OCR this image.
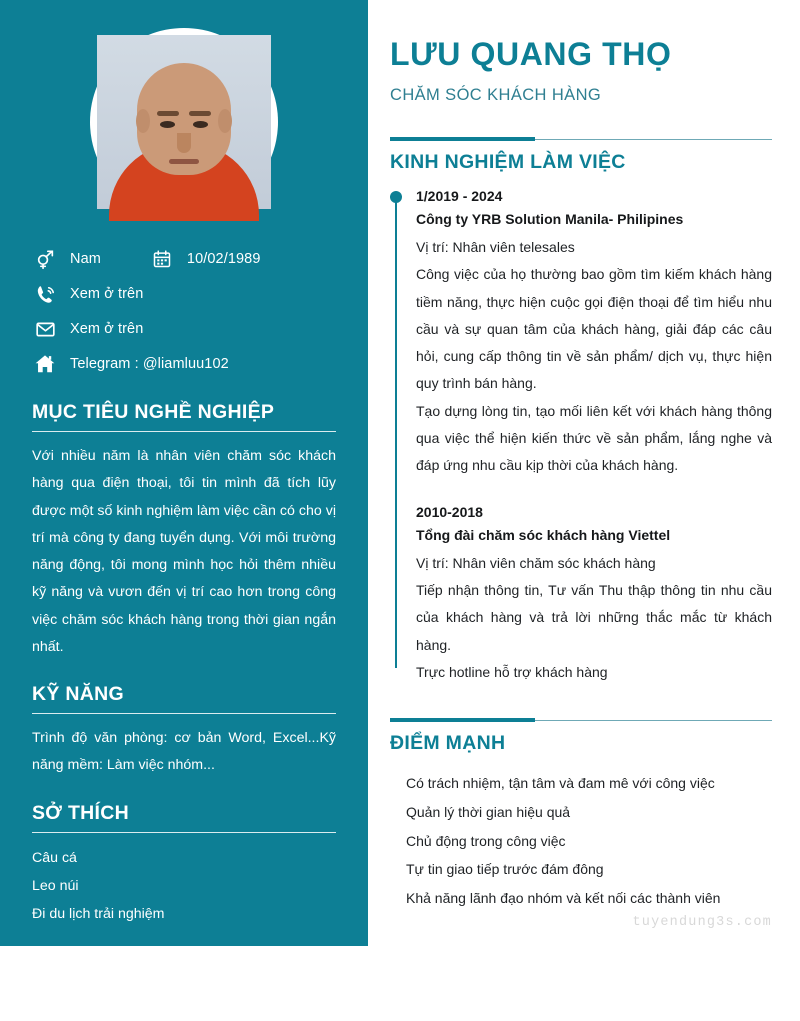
Nam	10/02/1989
Xem ở trên
Xem ở trên
Telegram : @liamluu102
MỤC TIÊU NGHỀ NGHIỆP
Với nhiều năm là nhân viên chăm sóc khách hàng qua điện thoại, tôi tin mình đã tích lũy được một số kinh nghiệm làm việc cần có cho vị trí mà công ty đang tuyển dụng. Với môi trường năng động, tôi mong mình học hỏi thêm nhiều kỹ năng và vươn đến vị trí cao hơn trong công việc chăm sóc khách hàng trong thời gian ngắn nhất.
KỸ NĂNG
Trình độ văn phòng: cơ bản Word, Excel...Kỹ năng mềm: Làm việc nhóm...
SỞ THÍCH
Câu cá
Leo núi
Đi du lịch trải nghiệm
TRÌNH ĐỘ HỌC VẤN
Trường cao đẳng Kinh tế tài chính Thái Nguyên
LƯU QUANG THỌ
CHĂM SÓC KHÁCH HÀNG
KINH NGHIỆM LÀM VIỆC
1/2019 - 2024
Công ty YRB Solution Manila- Philipines
Vị trí: Nhân viên telesales
Công việc của họ thường bao gồm tìm kiếm khách hàng tiềm năng, thực hiện cuộc gọi điện thoại để tìm hiểu nhu cầu và sự quan tâm của khách hàng, giải đáp các câu hỏi, cung cấp thông tin về sản phẩm/ dịch vụ, thực hiện quy trình bán hàng.
Tạo dựng lòng tin, tạo mối liên kết với khách hàng thông qua việc thể hiện kiến thức về sản phẩm, lắng nghe và đáp ứng nhu cầu kịp thời của khách hàng.
2010-2018
Tổng đài chăm sóc khách hàng Viettel
Vị trí: Nhân viên chăm sóc khách hàng
Tiếp nhận thông tin, Tư vấn Thu thập thông tin nhu cầu của khách hàng và trả lời những thắc mắc từ khách hàng.
Trực hotline hỗ trợ khách hàng
ĐIỂM MẠNH
Có trách nhiệm, tận tâm và đam mê với công việc
Quản lý thời gian hiệu quả
Chủ động trong công việc
Tự tin giao tiếp trước đám đông
Khả năng lãnh đạo nhóm và kết nối các thành viên
tuyendung3s.com
